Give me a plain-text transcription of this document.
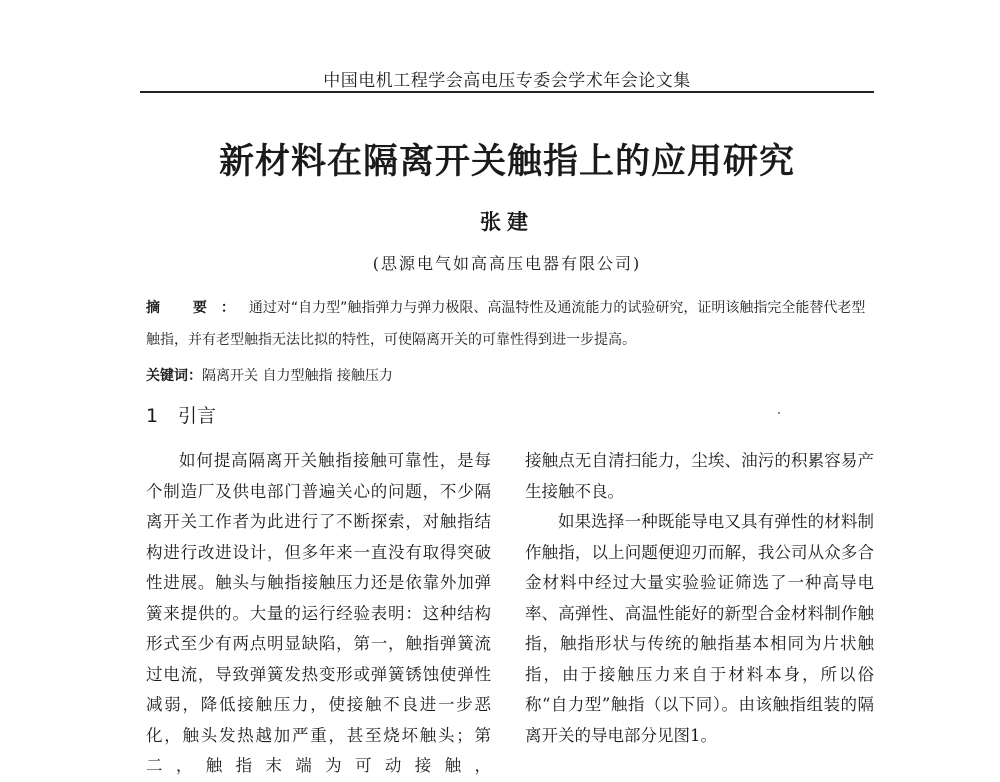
中国电机工程学会高电压专委会学术年会论文集
新材料在隔离开关触指上的应用研究
张建
(思源电气如高高压电器有限公司)
摘 要：通过对“自力型”触指弹力与弹力极限、高温特性及通流能力的试验研究，证明该触指完全能替代老型触指，并有老型触指无法比拟的特性，可使隔离开关的可靠性得到进一步提高。
关键词：隔离开关 自力型触指 接触压力
1 引言

如何提高隔离开关触指接触可靠性，是每个制造厂及供电部门普遍关心的问题，不少隔离开关工作者为此进行了不断探索，对触指结构进行改进设计，但多年来一直没有取得突破性进展。触头与触指接触压力还是依靠外加弹簧来提供的。大量的运行经验表明：这种结构形式至少有两点明显缺陷，第一，触指弹簧流过电流，导致弹簧发热变形或弹簧锈蚀使弹性减弱，降低接触压力，使接触不良进一步恶化，触头发热越加严重，甚至烧坏触头；第二，触指末端为可动接触，

接触点无自清扫能力，尘埃、油污的积累容易产生接触不良。

如果选择一种既能导电又具有弹性的材料制作触指，以上问题便迎刃而解，我公司从众多合金材料中经过大量实验验证筛选了一种高导电率、高弹性、高温性能好的新型合金材料制作触指，触指形状与传统的触指基本相同为片状触指，由于接触压力来自于材料本身，所以俗称“自力型”触指（以下同）。由该触指组装的隔离开关的导电部分见图1。
